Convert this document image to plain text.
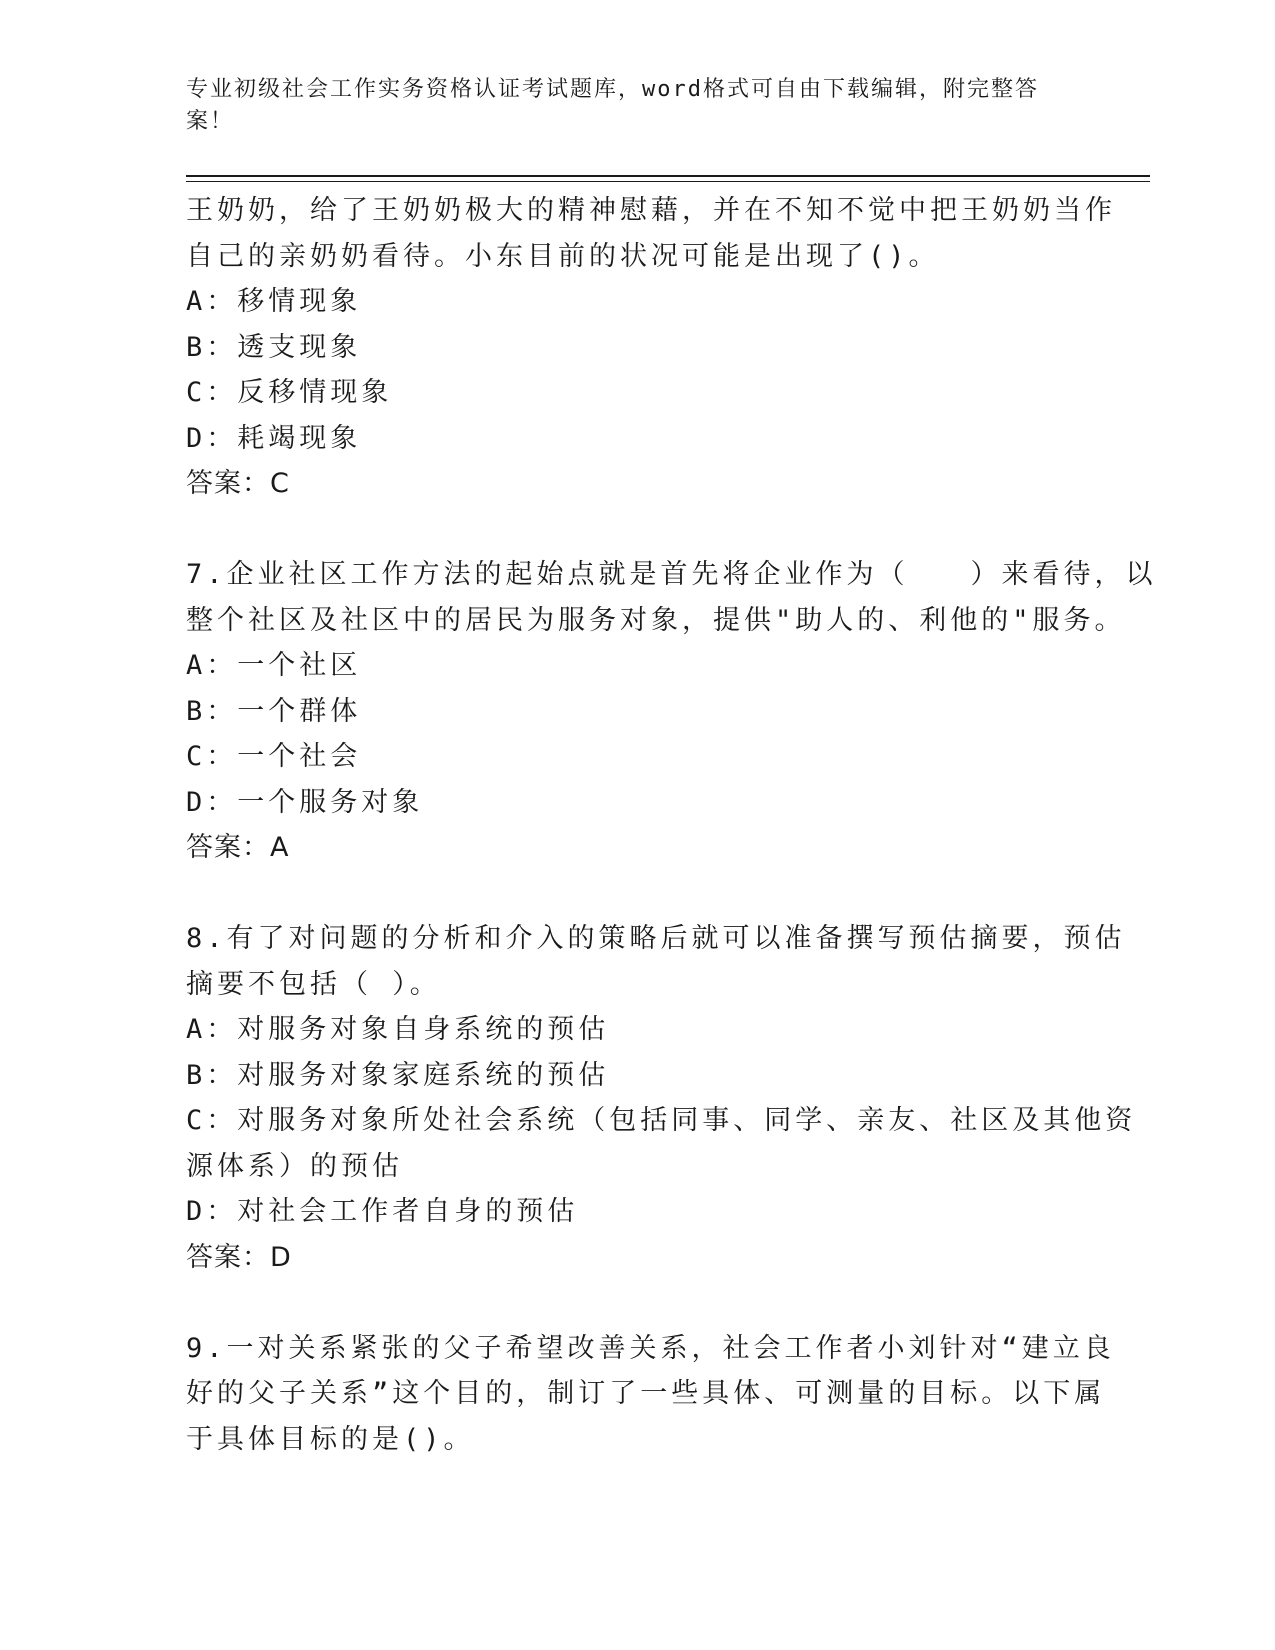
专业初级社会工作实务资格认证考试题库，word格式可自由下载编辑，附完整答
案！
王奶奶，给了王奶奶极大的精神慰藉，并在不知不觉中把王奶奶当作
自己的亲奶奶看待。小东目前的状况可能是出现了()。
A：移情现象
B：透支现象
C：反移情现象
D：耗竭现象
答案：C
7.企业社区工作方法的起始点就是首先将企业作为（　　）来看待，以
整个社区及社区中的居民为服务对象，提供"助人的、利他的"服务。
A：一个社区
B：一个群体
C：一个社会
D：一个服务对象
答案：A
8.有了对问题的分析和介入的策略后就可以准备撰写预估摘要，预估
摘要不包括（ ）。
A：对服务对象自身系统的预估
B：对服务对象家庭系统的预估
C：对服务对象所处社会系统（包括同事、同学、亲友、社区及其他资
源体系）的预估
D：对社会工作者自身的预估
答案：D
9.一对关系紧张的父子希望改善关系，社会工作者小刘针对“建立良
好的父子关系”这个目的，制订了一些具体、可测量的目标。以下属
于具体目标的是()。
